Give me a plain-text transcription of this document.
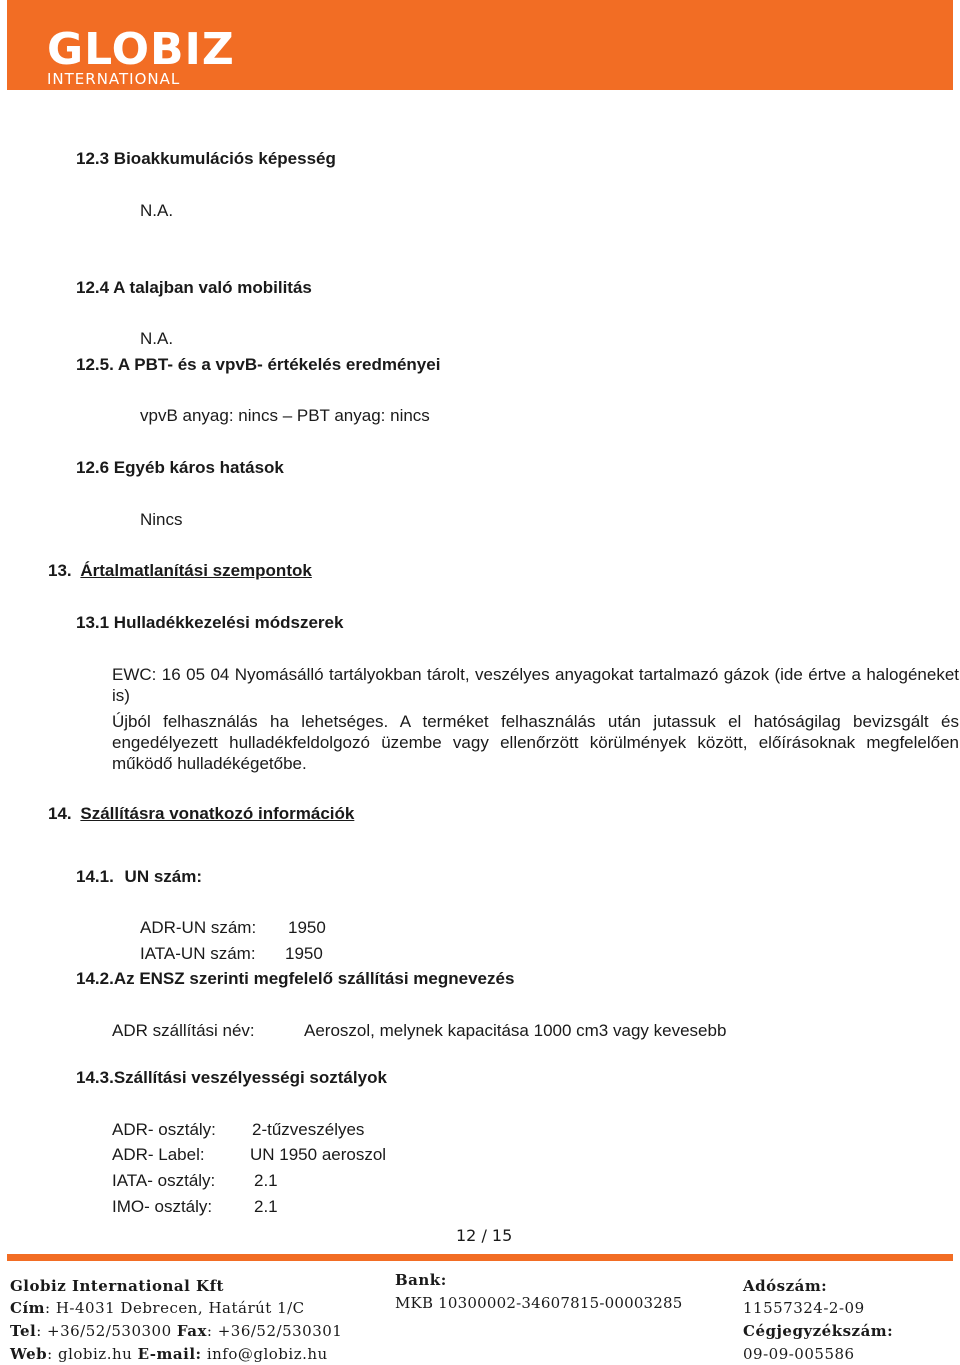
GLOBIZ
INTERNATIONAL
12.3 Bioakkumulációs képesség
N.A.
12.4 A talajban való mobilitás
N.A.
12.5. A PBT- és a vpvB- értékelés eredményei
vpvB anyag: nincs – PBT anyag: nincs
12.6 Egyéb káros hatások
Nincs
13. Ártalmatlanítási szempontok
13.1 Hulladékkezelési módszerek
EWC: 16 05 04 Nyomásálló tartályokban tárolt, veszélyes anyagokat tartalmazó gázok (ide értve a halogéneket is)
Újból felhasználás ha lehetséges. A terméket felhasználás után jutassuk el hatóságilag bevizsgált és engedélyezett hulladékfeldolgozó üzembe vagy ellenőrzött körülmények között, előírásoknak megfelelően működő hulladékégetőbe.
14. Szállításra vonatkozó információk
14.1. UN szám:
ADR-UN szám: 1950
IATA-UN szám: 1950
14.2.Az ENSZ szerinti megfelelő szállítási megnevezés
ADR szállítási név:	Aeroszol, melynek kapacitása 1000 cm3 vagy kevesebb
14.3.Szállítási veszélyességi soztályok
ADR- osztály: 2-tűzveszélyes
ADR- Label:	UN 1950 aeroszol
IATA- osztály: 2.1
IMO- osztály: 2.1
12 / 15
Globiz International Kft
Cím: H-4031 Debrecen, Határút 1/C
Tel: +36/52/530300 Fax: +36/52/530301
Web: globiz.hu E-mail: info@globiz.hu
Bank:
MKB 10300002-34607815-00003285
Adószám:
11557324-2-09
Cégjegyzékszám:
09-09-005586
